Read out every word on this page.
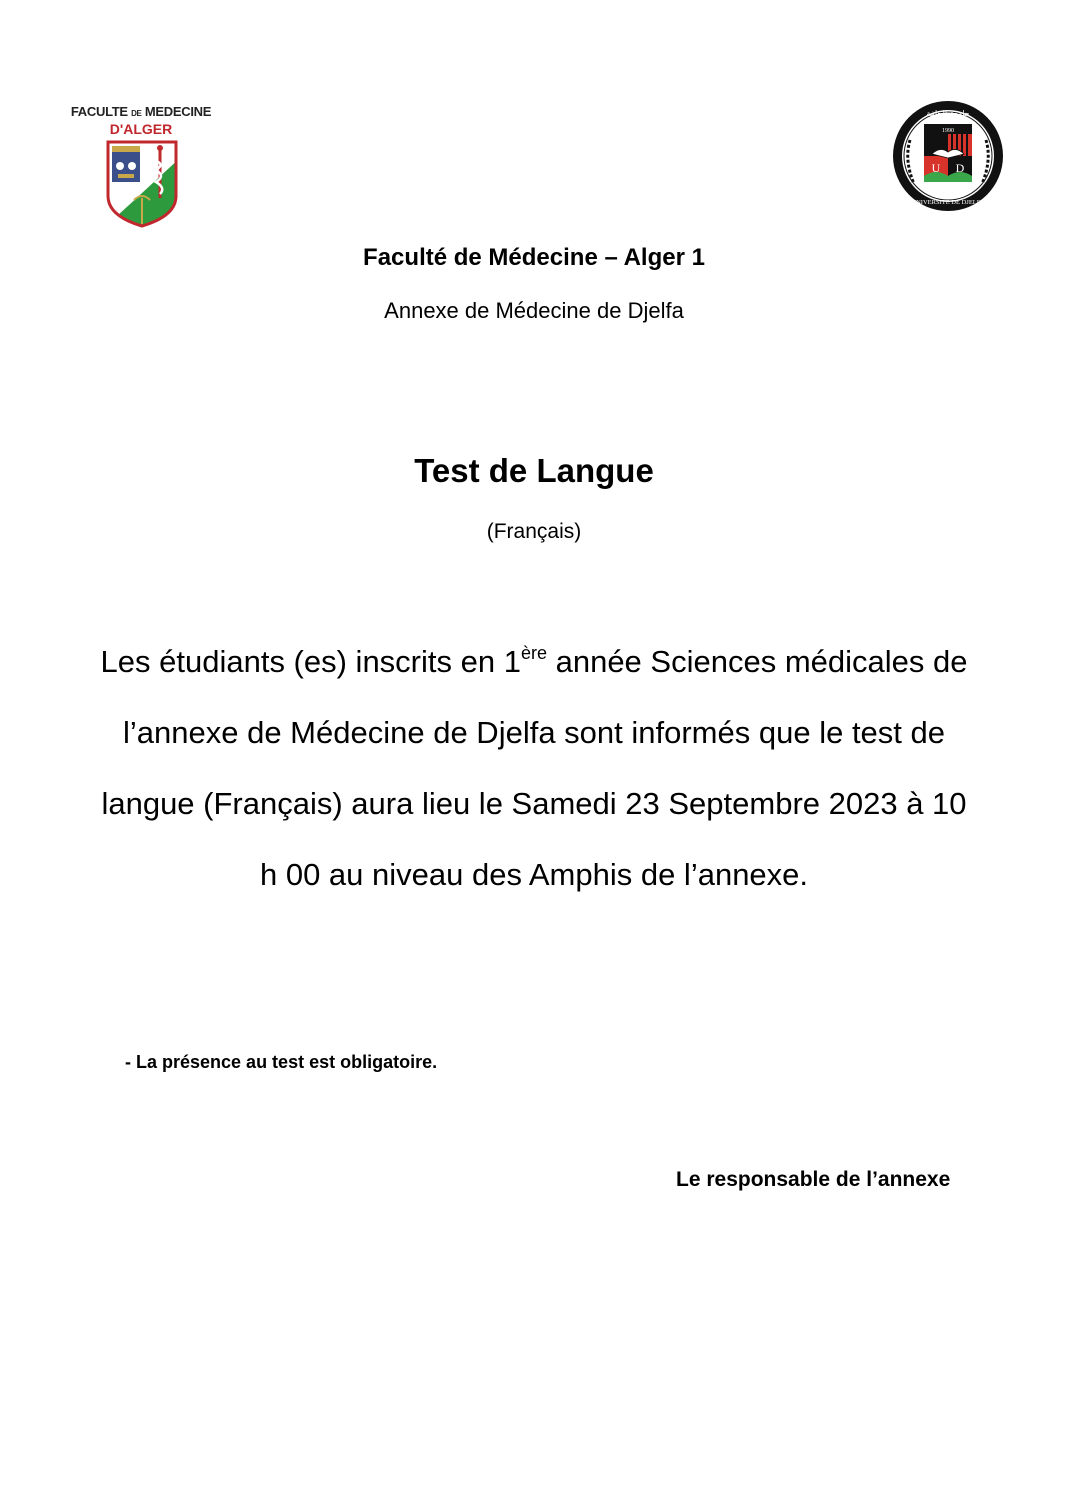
FACULTE DE MEDECINE
D'ALGER	1990
U D
جامعة الجلفة
UNIVERSITÉ DE DJELFA
Faculté de Médecine – Alger 1
Annexe de Médecine de Djelfa
Test de Langue
(Français)
Les étudiants (es) inscrits en 1ère année Sciences médicales de l’annexe de Médecine de Djelfa sont informés que le test de langue (Français) aura lieu le Samedi 23 Septembre 2023 à 10 h 00 au niveau des Amphis de l’annexe.
- La présence au test est obligatoire.
Le responsable de l’annexe
